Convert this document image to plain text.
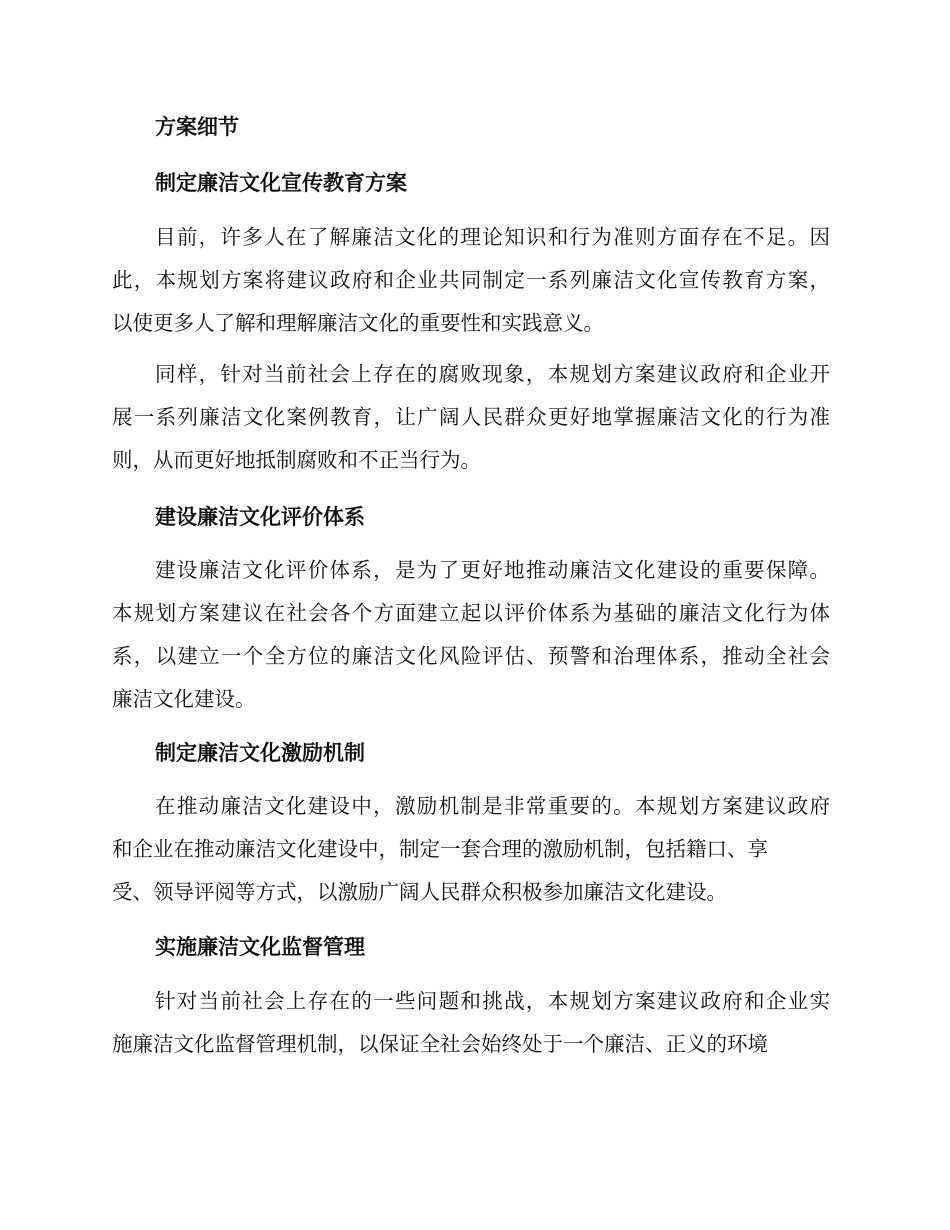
方案细节
制定廉洁文化宣传教育方案
目前，许多人在了解廉洁文化的理论知识和行为准则方面存在不足。因
此，本规划方案将建议政府和企业共同制定一系列廉洁文化宣传教育方案，
以使更多人了解和理解廉洁文化的重要性和实践意义。
同样，针对当前社会上存在的腐败现象，本规划方案建议政府和企业开
展一系列廉洁文化案例教育，让广阔人民群众更好地掌握廉洁文化的行为准
则，从而更好地抵制腐败和不正当行为。
建设廉洁文化评价体系
建设廉洁文化评价体系，是为了更好地推动廉洁文化建设的重要保障。
本规划方案建议在社会各个方面建立起以评价体系为基础的廉洁文化行为体
系，以建立一个全方位的廉洁文化风险评估、预警和治理体系，推动全社会
廉洁文化建设。
制定廉洁文化激励机制
在推动廉洁文化建设中，激励机制是非常重要的。本规划方案建议政府
和企业在推动廉洁文化建设中，制定一套合理的激励机制，包括籍口、享
受、领导评阅等方式，以激励广阔人民群众积极参加廉洁文化建设。
实施廉洁文化监督管理
针对当前社会上存在的一些问题和挑战，本规划方案建议政府和企业实
施廉洁文化监督管理机制，以保证全社会始终处于一个廉洁、正义的环境
